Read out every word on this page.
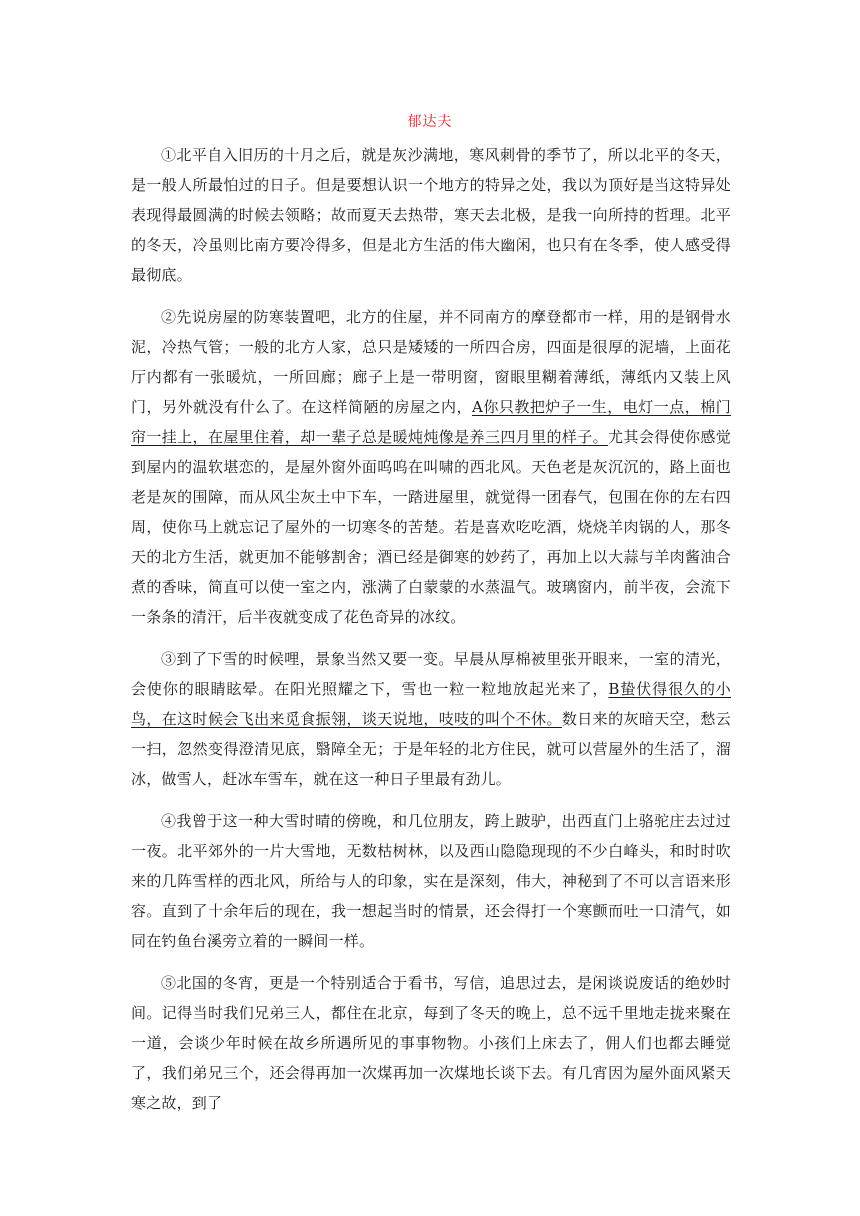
郁达夫

①北平自入旧历的十月之后，就是灰沙满地，寒风刺骨的季节了，所以北平的冬天，是一般人所最怕过的日子。但是要想认识一个地方的特异之处，我以为顶好是当这特异处表现得最圆满的时候去领略；故而夏天去热带，寒天去北极，是我一向所持的哲理。北平的冬天，冷虽则比南方要冷得多，但是北方生活的伟大幽闲，也只有在冬季，使人感受得最彻底。

②先说房屋的防寒装置吧，北方的住屋，并不同南方的摩登都市一样，用的是钢骨水泥，冷热气管；一般的北方人家，总只是矮矮的一所四合房，四面是很厚的泥墙，上面花厅内都有一张暖炕，一所回廊；廊子上是一带明窗，窗眼里糊着薄纸，薄纸内又装上风门，另外就没有什么了。在这样简陋的房屋之内，A你只教把炉子一生，电灯一点，棉门帘一挂上，在屋里住着，却一辈子总是暖炖炖像是养三四月里的样子。尤其会得使你感觉到屋内的温软堪恋的，是屋外窗外面呜呜在叫啸的西北风。天色老是灰沉沉的，路上面也老是灰的围障，而从风尘灰土中下车，一踏进屋里，就觉得一团春气，包围在你的左右四周，使你马上就忘记了屋外的一切寒冬的苦楚。若是喜欢吃吃酒，烧烧羊肉锅的人，那冬天的北方生活，就更加不能够割舍；酒已经是御寒的妙药了，再加上以大蒜与羊肉酱油合煮的香味，简直可以使一室之内，涨满了白蒙蒙的水蒸温气。玻璃窗内，前半夜，会流下一条条的清汗，后半夜就变成了花色奇异的冰纹。

③到了下雪的时候哩，景象当然又要一变。早晨从厚棉被里张开眼来，一室的清光，会使你的眼睛眩晕。在阳光照耀之下，雪也一粒一粒地放起光来了，B蛰伏得很久的小鸟，在这时候会飞出来觅食振翎，谈天说地，吱吱的叫个不休。数日来的灰暗天空，愁云一扫，忽然变得澄清见底，翳障全无；于是年轻的北方住民，就可以营屋外的生活了，溜冰，做雪人，赶冰车雪车，就在这一种日子里最有劲儿。

④我曾于这一种大雪时晴的傍晚，和几位朋友，跨上跛驴，出西直门上骆驼庄去过过一夜。北平郊外的一片大雪地，无数枯树林，以及西山隐隐现现的不少白峰头，和时时吹来的几阵雪样的西北风，所给与人的印象，实在是深刻，伟大，神秘到了不可以言语来形容。直到了十余年后的现在，我一想起当时的情景，还会得打一个寒颤而吐一口清气，如同在钓鱼台溪旁立着的一瞬间一样。

⑤北国的冬宵，更是一个特别适合于看书，写信，追思过去，是闲谈说废话的绝妙时间。记得当时我们兄弟三人，都住在北京，每到了冬天的晚上，总不远千里地走拢来聚在一道，会谈少年时候在故乡所遇所见的事事物物。小孩们上床去了，佣人们也都去睡觉了，我们弟兄三个，还会得再加一次煤再加一次煤地长谈下去。有几宵因为屋外面风紧天寒之故，到了
